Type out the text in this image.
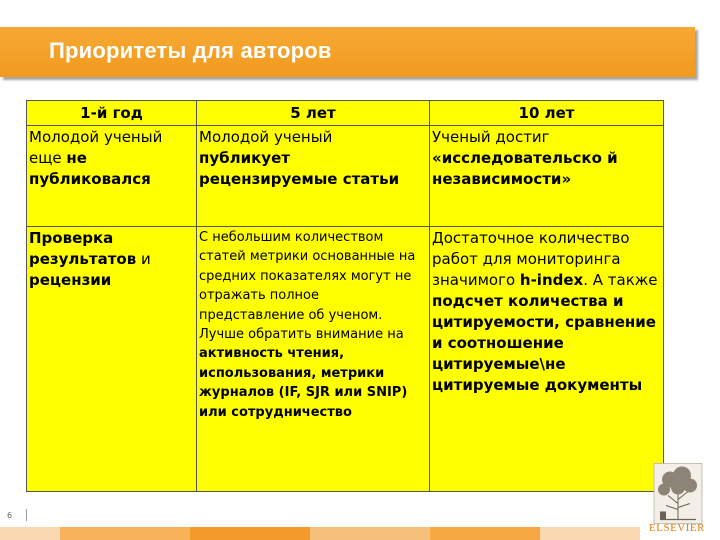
Приоритеты для авторов
1-й год	5 лет	10 лет
Молодой ученый еще не публиковался	Молодой ученый публикует рецензируемые статьи	Ученый достиг «исследовательско й независимости»
Проверка результатов и рецензии	С небольшим количеством статей метрики основанные на средних показателях могут не отражать полное представление об ученом. Лучше обратить внимание на активность чтения, использования, метрики журналов (IF, SJR или SNIP) или сотрудничество	Достаточное количество работ для мониторинга значимого h-index. А также подсчет количества и цитируемости, сравнение и соотношение цитируемые\не цитируемые документы
6
ELSEVIER
